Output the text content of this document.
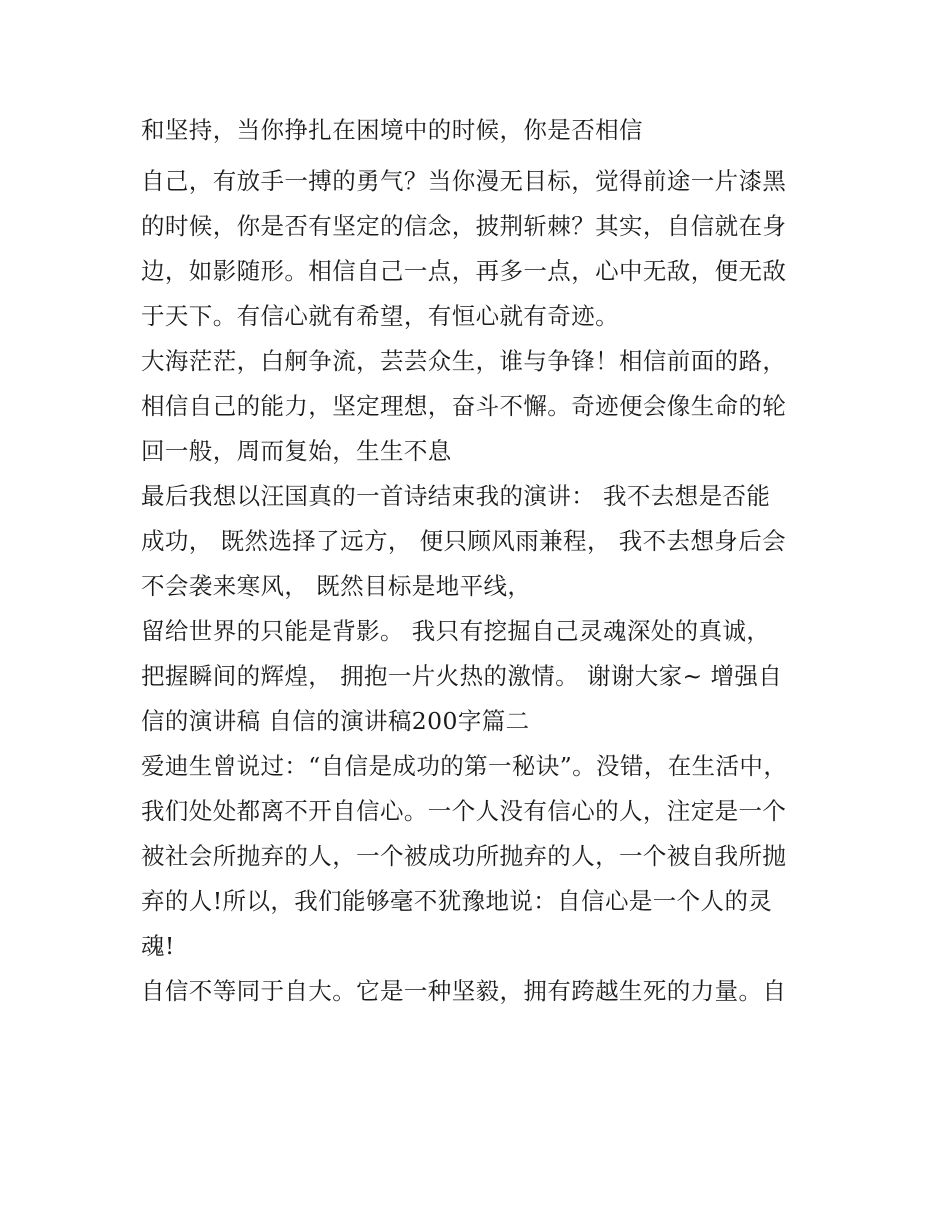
和坚持，当你挣扎在困境中的时候，你是否相信
自己，有放手一搏的勇气？当你漫无目标，觉得前途一片漆黑
的时候，你是否有坚定的信念，披荆斩棘？其实，自信就在身
边，如影随形。相信自己一点，再多一点，心中无敌，便无敌
于天下。有信心就有希望，有恒心就有奇迹。
大海茫茫，白舸争流，芸芸众生，谁与争锋！相信前面的路，
相信自己的能力，坚定理想，奋斗不懈。奇迹便会像生命的轮
回一般，周而复始，生生不息
最后我想以汪国真的一首诗结束我的演讲： 我不去想是否能
成功， 既然选择了远方， 便只顾风雨兼程， 我不去想身后会
不会袭来寒风， 既然目标是地平线，
留给世界的只能是背影。 我只有挖掘自己灵魂深处的真诚，
把握瞬间的辉煌， 拥抱一片火热的激情。 谢谢大家~ 增强自
信的演讲稿 自信的演讲稿200字篇二
爱迪生曾说过：“自信是成功的第一秘诀”。没错，在生活中，
我们处处都离不开自信心。一个人没有信心的人，注定是一个
被社会所抛弃的人，一个被成功所抛弃的人，一个被自我所抛
弃的人!所以，我们能够毫不犹豫地说：自信心是一个人的灵
魂!
自信不等同于自大。它是一种坚毅，拥有跨越生死的力量。自
